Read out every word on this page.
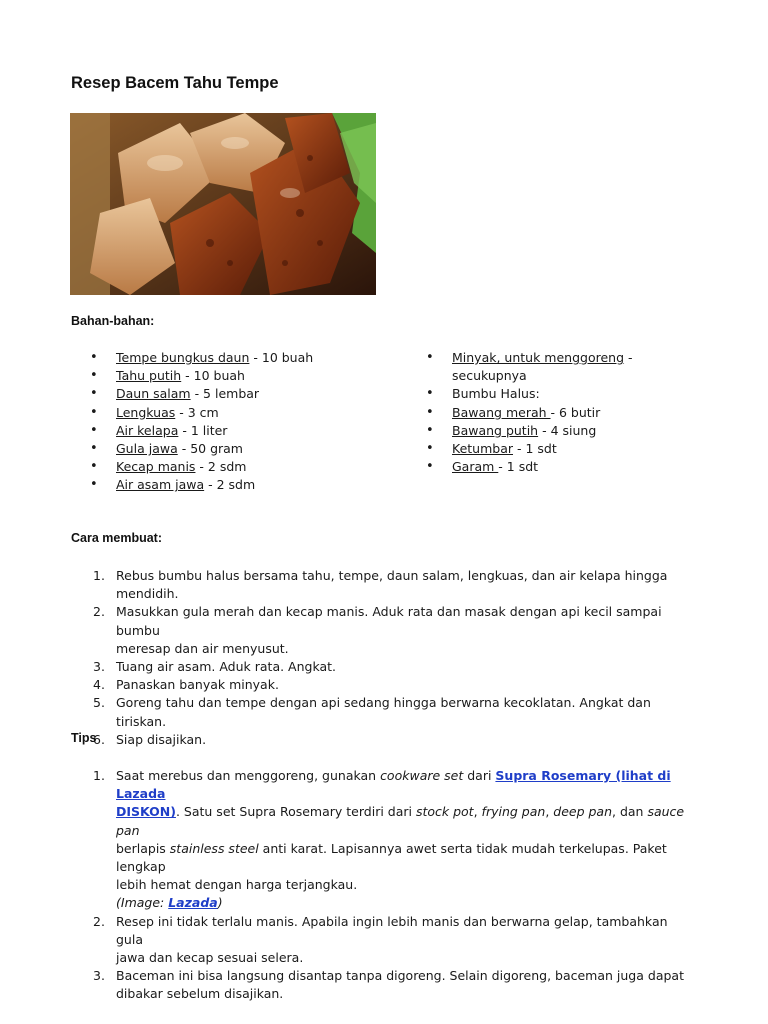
Resep Bacem Tahu Tempe

Bahan-bahan:

• Tempe bungkus daun - 10 buah
• Tahu putih - 10 buah
• Daun salam - 5 lembar
• Lengkuas - 3 cm
• Air kelapa - 1 liter
• Gula jawa - 50 gram
• Kecap manis - 2 sdm
• Air asam jawa - 2 sdm
• Minyak, untuk menggoreng -
secukupnya
• Bumbu Halus:
• Bawang merah - 6 butir
• Bawang putih - 4 siung
• Ketumbar - 1 sdt
• Garam - 1 sdt

Cara membuat:

1. Rebus bumbu halus bersama tahu, tempe, daun salam, lengkuas, dan air kelapa hingga
mendidih.
2. Masukkan gula merah dan kecap manis. Aduk rata dan masak dengan api kecil sampai bumbu
meresap dan air menyusut.
3. Tuang air asam. Aduk rata. Angkat.
4. Panaskan banyak minyak.
5. Goreng tahu dan tempe dengan api sedang hingga berwarna kecoklatan. Angkat dan tiriskan.
6. Siap disajikan.

Tips

1. Saat merebus dan menggoreng, gunakan cookware set dari Supra Rosemary (lihat di Lazada
DISKON). Satu set Supra Rosemary terdiri dari stock pot, frying pan, deep pan, dan sauce pan
berlapis stainless steel anti karat. Lapisannya awet serta tidak mudah terkelupas. Paket lengkap
lebih hemat dengan harga terjangkau.
(Image: Lazada)
2. Resep ini tidak terlalu manis. Apabila ingin lebih manis dan berwarna gelap, tambahkan gula
jawa dan kecap sesuai selera.
3. Baceman ini bisa langsung disantap tanpa digoreng. Selain digoreng, baceman juga dapat
dibakar sebelum disajikan.
